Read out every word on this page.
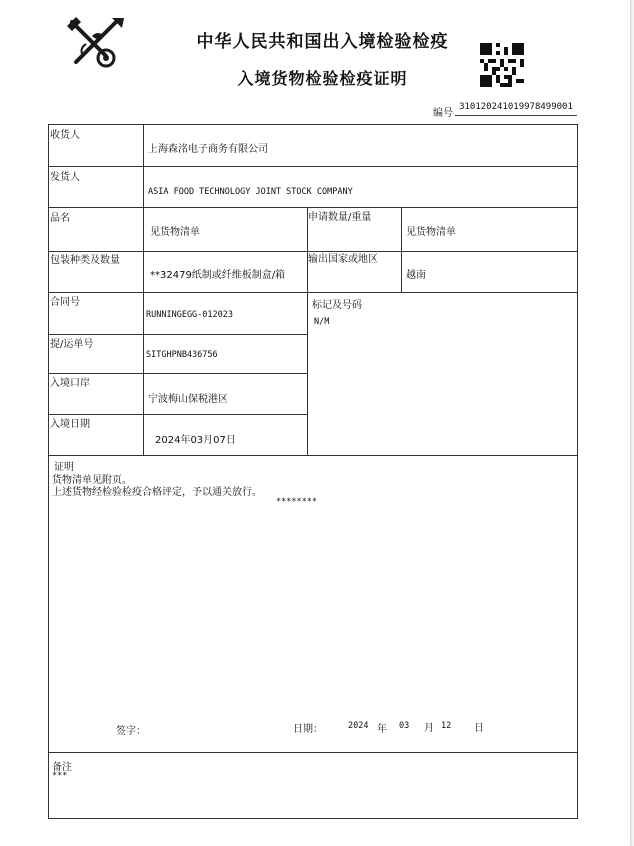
中华人民共和国出入境检验检疫
入境货物检验检疫证明
编号
310120241019978499001
收货人
上海森洺电子商务有限公司
发货人
ASIA FOOD TECHNOLOGY JOINT STOCK COMPANY
品名
见货物清单
申请数量/重量
见货物清单
包装种类及数量
**32479纸制或纤维板制盒/箱
输出国家或地区
越南
合同号
RUNNINGEGG-012023
标记及号码
N/M
提/运单号
SITGHPNB436756
入境口岸
宁波梅山保税港区
入境日期
2024年03月07日
证明
货物清单见附页。
上述货物经检验检疫合格评定，予以通关放行。
********
签字：	日期：	2024 年 03 月 12 日
备注
***
